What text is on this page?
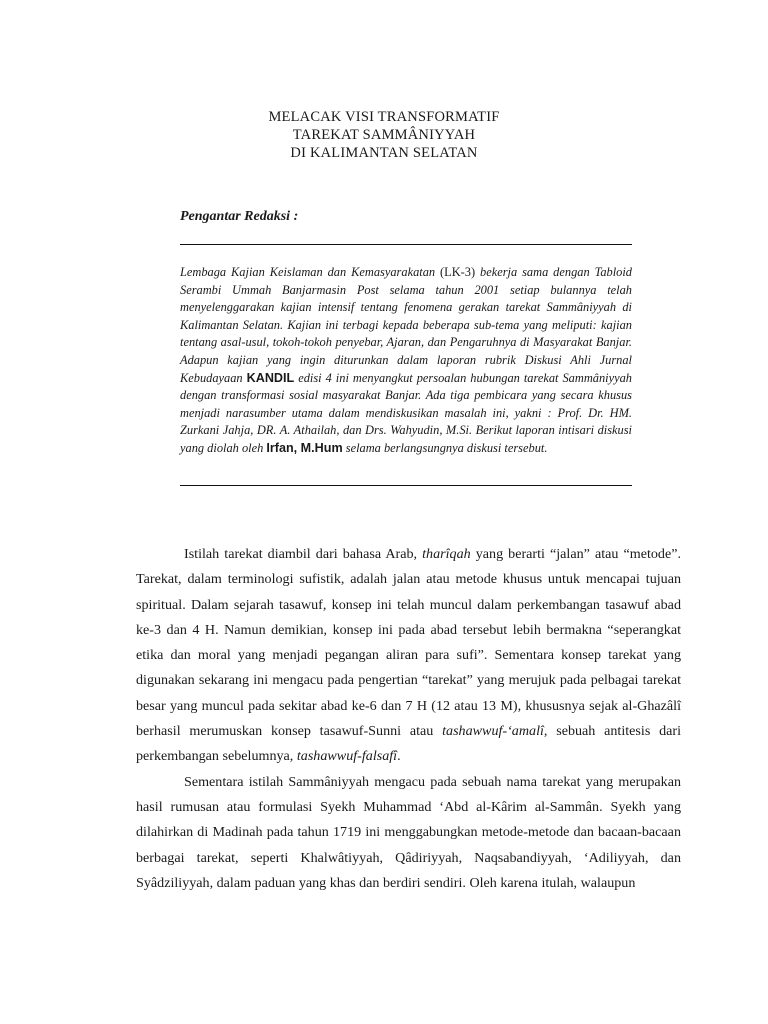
MELACAK VISI TRANSFORMATIF
TAREKAT SAMMÂNIYYAH
DI KALIMANTAN SELATAN
Pengantar Redaksi :
Lembaga Kajian Keislaman dan Kemasyarakatan (LK-3) bekerja sama dengan Tabloid Serambi Ummah Banjarmasin Post selama tahun 2001 setiap bulannya telah menyelenggarakan kajian intensif tentang fenomena gerakan tarekat Sammâniyyah di Kalimantan Selatan. Kajian ini terbagi kepada beberapa sub-tema yang meliputi: kajian tentang asal-usul, tokoh-tokoh penyebar, Ajaran, dan Pengaruhnya di Masyarakat Banjar. Adapun kajian yang ingin diturunkan dalam laporan rubrik Diskusi Ahli Jurnal Kebudayaan KANDIL edisi 4 ini menyangkut persoalan hubungan tarekat Sammâniyyah dengan transformasi sosial masyarakat Banjar. Ada tiga pembicara yang secara khusus menjadi narasumber utama dalam mendiskusikan masalah ini, yakni : Prof. Dr. HM. Zurkani Jahja, DR. A. Athailah, dan Drs. Wahyudin, M.Si. Berikut laporan intisari diskusi yang diolah oleh Irfan, M.Hum selama berlangsungnya diskusi tersebut.

Istilah tarekat diambil dari bahasa Arab, tharîqah yang berarti “jalan” atau “metode”. Tarekat, dalam terminologi sufistik, adalah jalan atau metode khusus untuk mencapai tujuan spiritual. Dalam sejarah tasawuf, konsep ini telah muncul dalam perkembangan tasawuf abad ke-3 dan 4 H. Namun demikian, konsep ini pada abad tersebut lebih bermakna “seperangkat etika dan moral yang menjadi pegangan aliran para sufi”. Sementara konsep tarekat yang digunakan sekarang ini mengacu pada pengertian “tarekat” yang merujuk pada pelbagai tarekat besar yang muncul pada sekitar abad ke-6 dan 7 H (12 atau 13 M), khususnya sejak al-Ghazâlî berhasil merumuskan konsep tasawuf-Sunni atau tashawwuf-‘amalî, sebuah antitesis dari perkembangan sebelumnya, tashawwuf-falsafî.

Sementara istilah Sammâniyyah mengacu pada sebuah nama tarekat yang merupakan hasil rumusan atau formulasi Syekh Muhammad ‘Abd al-Kârim al-Sammân. Syekh yang dilahirkan di Madinah pada tahun 1719 ini menggabungkan metode-metode dan bacaan-bacaan berbagai tarekat, seperti Khalwâtiyyah, Qâdiriyyah, Naqsabandiyyah, ‘Adiliyyah, dan Syâdziliyyah, dalam paduan yang khas dan berdiri sendiri. Oleh karena itulah, walaupun
